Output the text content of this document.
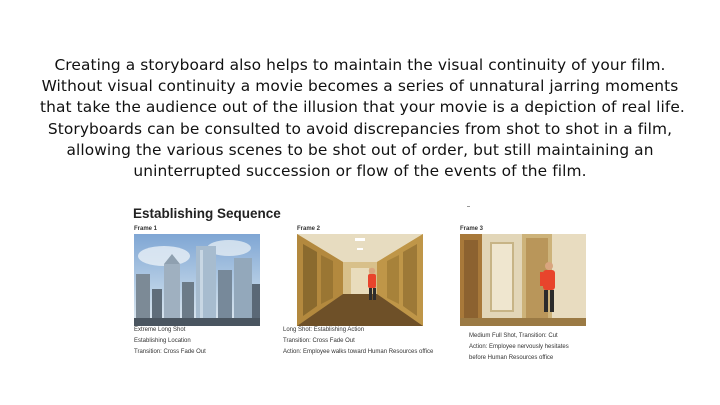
Creating a storyboard also helps to maintain the visual continuity of your film.
Without visual continuity a movie becomes a series of unnatural jarring moments
that take the audience out of the illusion that your movie is a depiction of real life.
Storyboards can be consulted to avoid discrepancies from shot to shot in a film,
allowing the various scenes to be shot out of order, but still maintaining an
uninterrupted succession or flow of the events of the film.
Establishing Sequence
Frame 1
Extreme Long Shot
Establishing Location
Transition: Cross Fade Out
Frame 2
Long Shot: Establishing Action
Transition: Cross Fade Out
Action: Employee walks toward Human Resources office
Frame 3
Medium Full Shot, Transition: Cut
Action: Employee nervously hesitates
before Human Resources office
